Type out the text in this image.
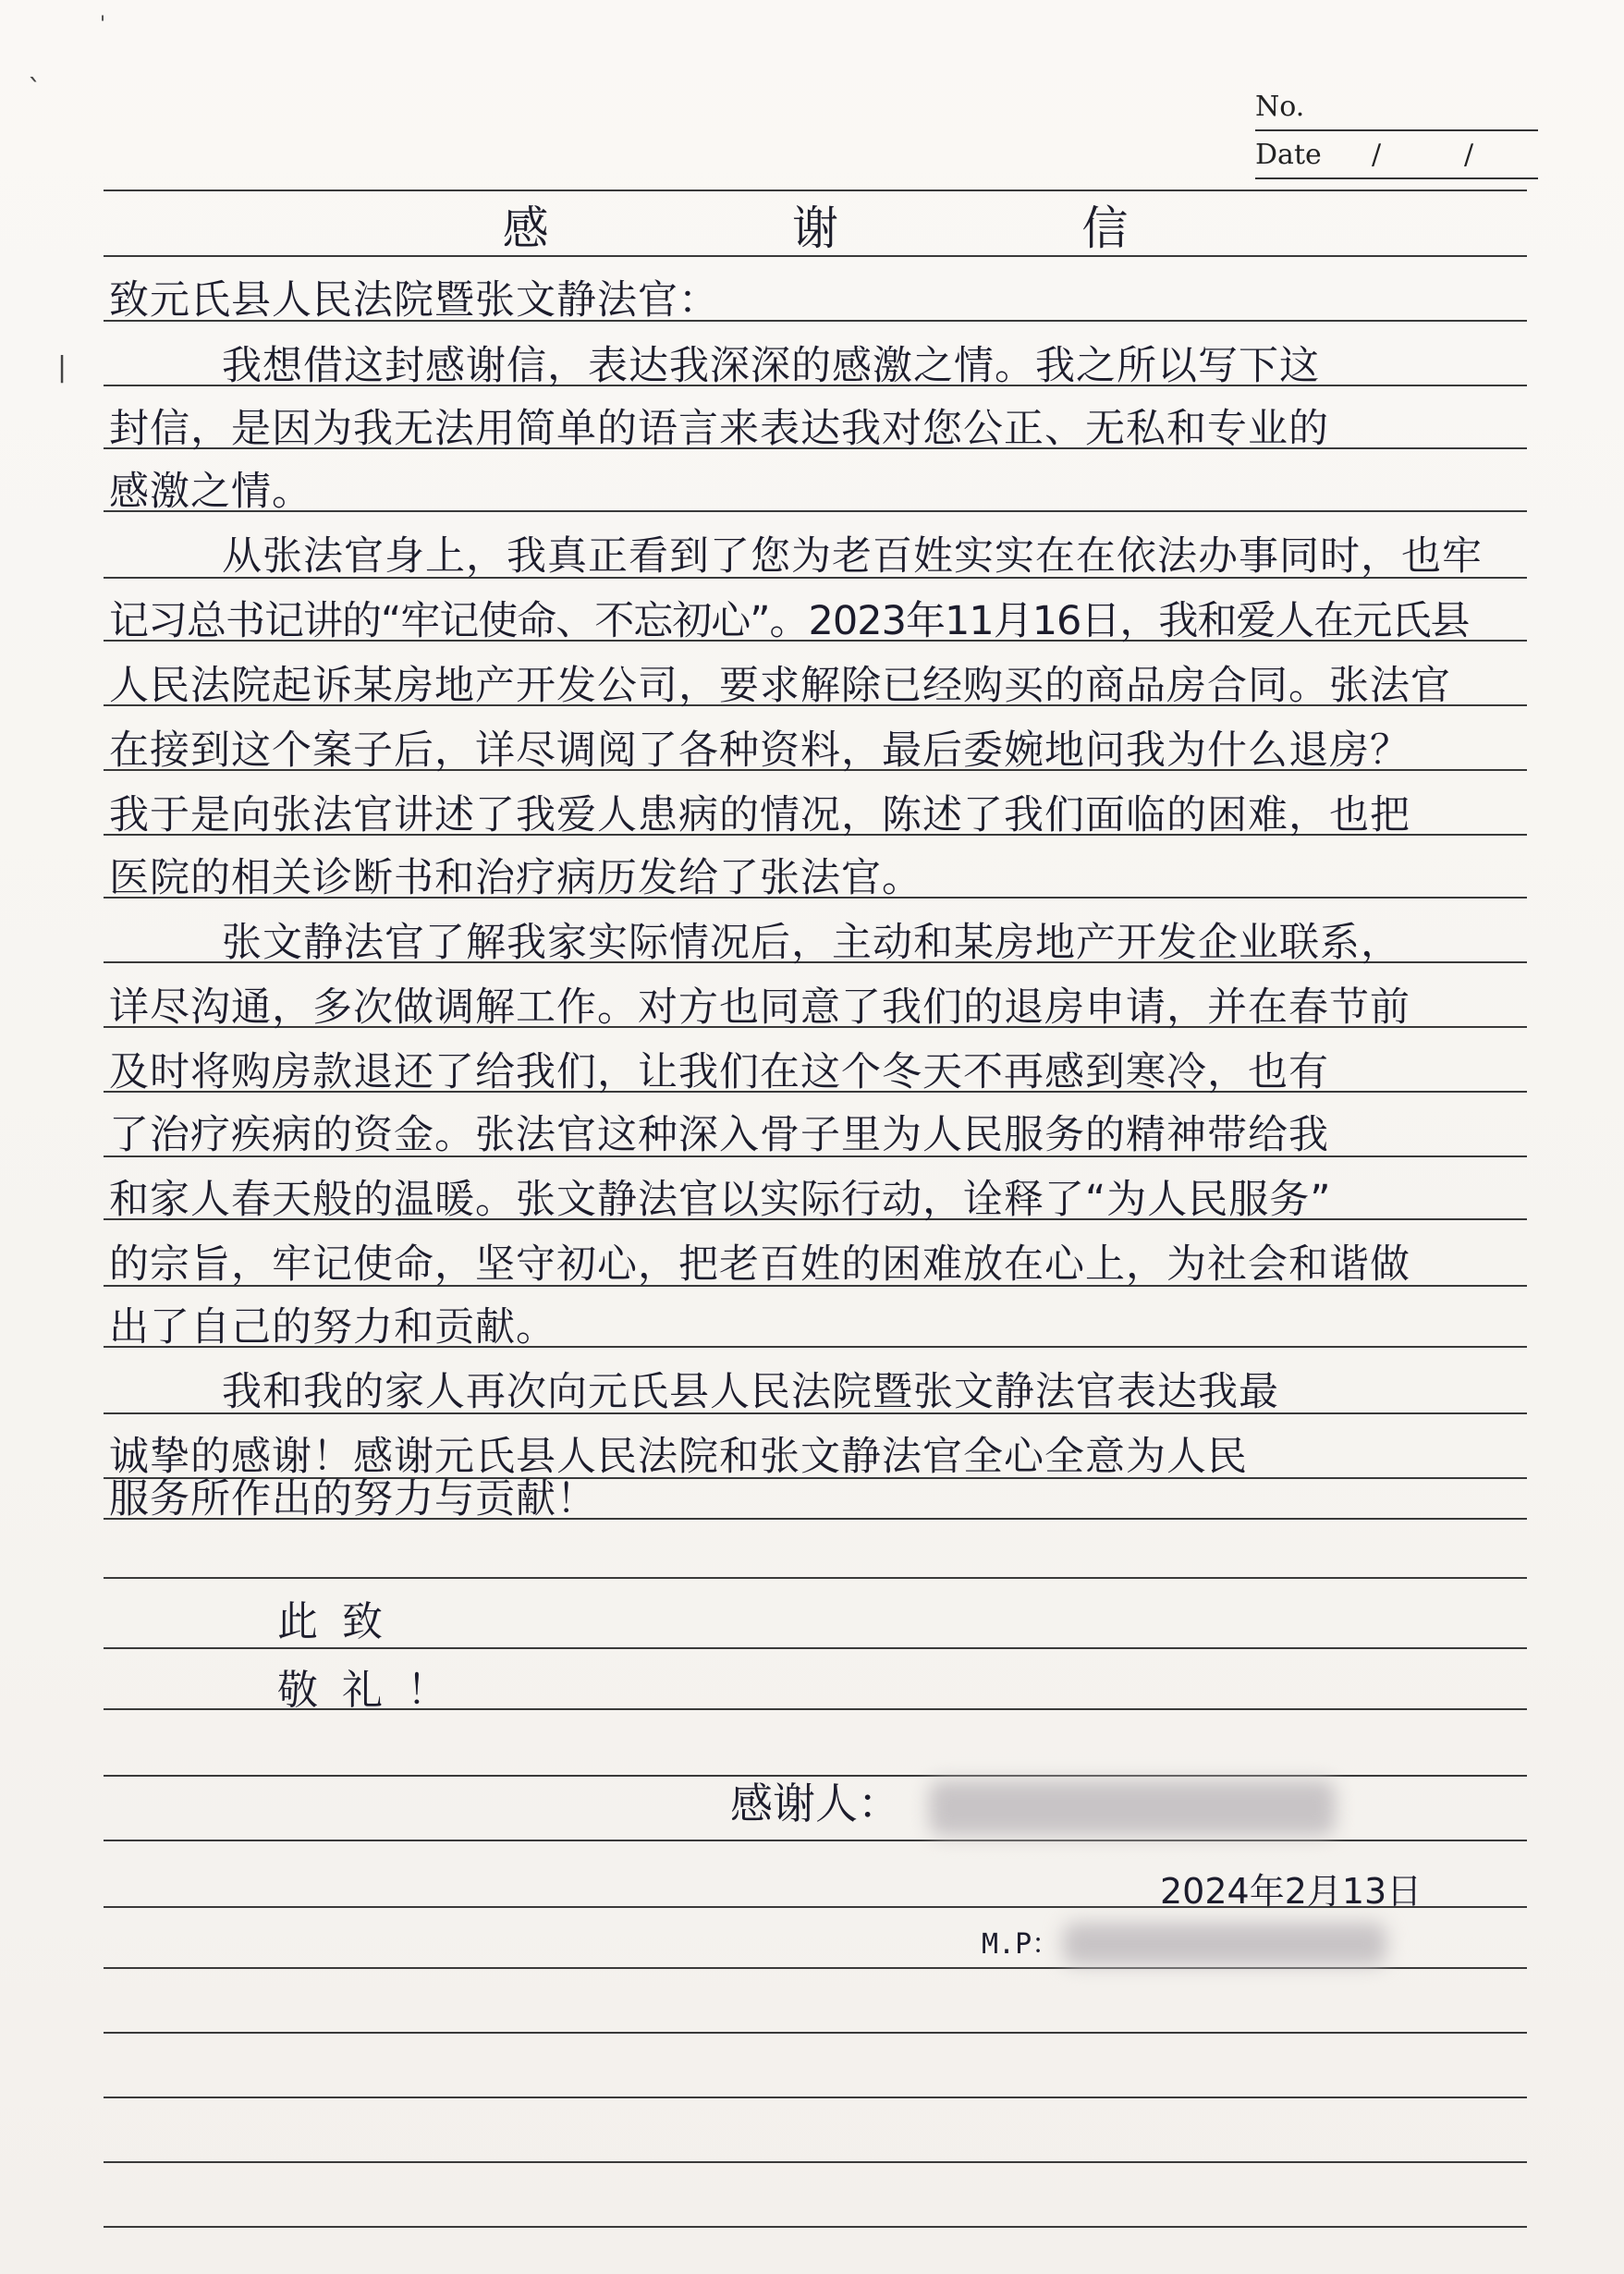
No.
Date /	/
感	谢	信
致元氏县人民法院暨张文静法官：
我想借这封感谢信，表达我深深的感激之情。我之所以写下这
封信，是因为我无法用简单的语言来表达我对您公正、无私和专业的
感激之情。
从张法官身上，我真正看到了您为老百姓实实在在依法办事同时，也牢
记习总书记讲的“牢记使命、不忘初心”。2023年11月16日，我和爱人在元氏县
人民法院起诉某房地产开发公司，要求解除已经购买的商品房合同。张法官
在接到这个案子后，详尽调阅了各种资料，最后委婉地问我为什么退房？
我于是向张法官讲述了我爱人患病的情况，陈述了我们面临的困难，也把
医院的相关诊断书和治疗病历发给了张法官。
张文静法官了解我家实际情况后，主动和某房地产开发企业联系，
详尽沟通，多次做调解工作。对方也同意了我们的退房申请，并在春节前
及时将购房款退还了给我们，让我们在这个冬天不再感到寒冷，也有
了治疗疾病的资金。张法官这种深入骨子里为人民服务的精神带给我
和家人春天般的温暖。张文静法官以实际行动，诠释了“为人民服务”
的宗旨，牢记使命，坚守初心，把老百姓的困难放在心上，为社会和谐做
出了自己的努力和贡献。
我和我的家人再次向元氏县人民法院暨张文静法官表达我最
诚挚的感谢！感谢元氏县人民法院和张文静法官全心全意为人民
服务所作出的努力与贡献！
此致
敬礼！
感谢人：
2024年2月13日
M.P：
`
'
|
